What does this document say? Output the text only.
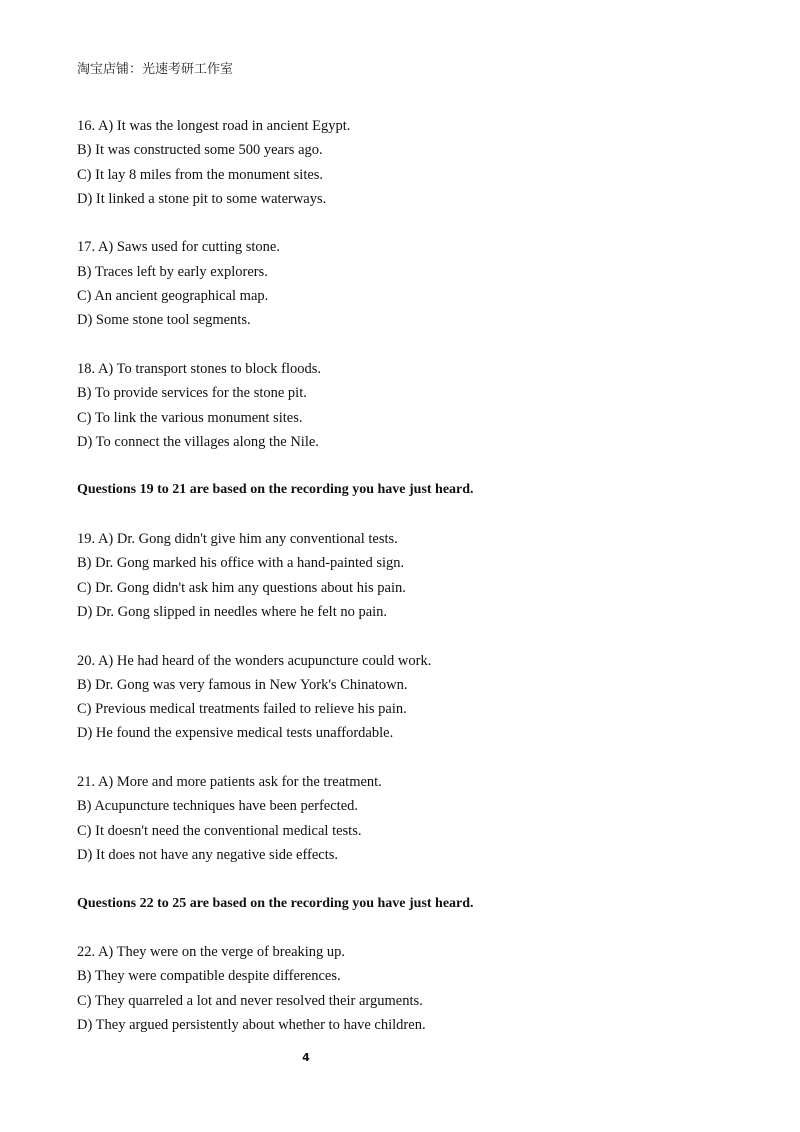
淘宝店铺：光速考研工作室
16. A) It was the longest road in ancient Egypt.
B) It was constructed some 500 years ago.
C) It lay 8 miles from the monument sites.
D) It linked a stone pit to some waterways.
17. A) Saws used for cutting stone.
B) Traces left by early explorers.
C) An ancient geographical map.
D) Some stone tool segments.
18. A) To transport stones to block floods.
B) To provide services for the stone pit.
C) To link the various monument sites.
D) To connect the villages along the Nile.
Questions 19 to 21 are based on the recording you have just heard.
19. A) Dr. Gong didn't give him any conventional tests.
B) Dr. Gong marked his office with a hand-painted sign.
C) Dr. Gong didn't ask him any questions about his pain.
D) Dr. Gong slipped in needles where he felt no pain.
20. A) He had heard of the wonders acupuncture could work.
B) Dr. Gong was very famous in New York's Chinatown.
C) Previous medical treatments failed to relieve his pain.
D) He found the expensive medical tests unaffordable.
21. A) More and more patients ask for the treatment.
B) Acupuncture techniques have been perfected.
C) It doesn't need the conventional medical tests.
D) It does not have any negative side effects.
Questions 22 to 25 are based on the recording you have just heard.
22. A) They were on the verge of breaking up.
B) They were compatible despite differences.
C) They quarreled a lot and never resolved their arguments.
D) They argued persistently about whether to have children.
4
